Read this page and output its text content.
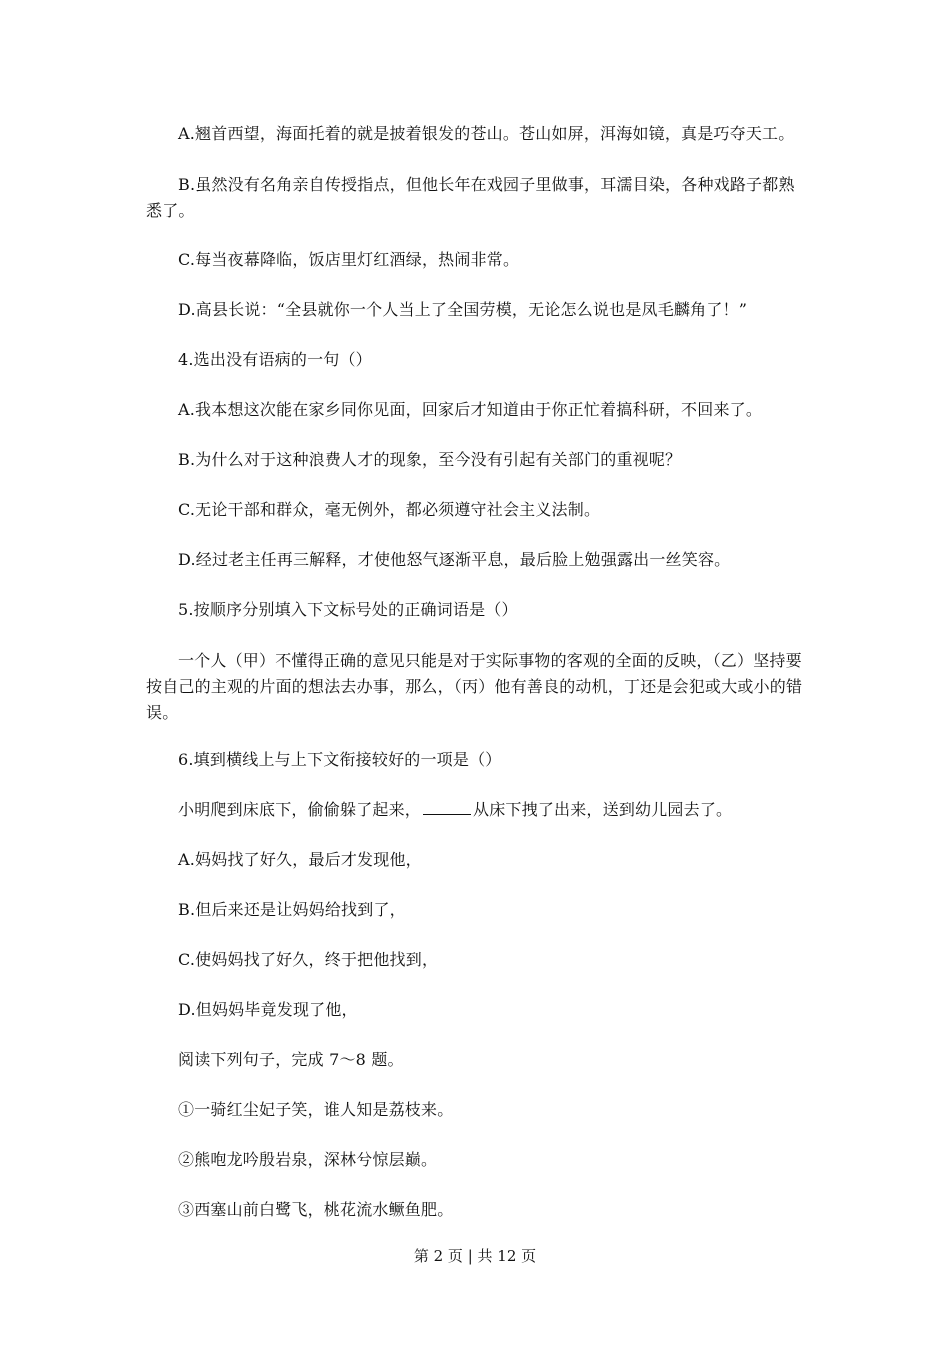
A.翘首西望，海面托着的就是披着银发的苍山。苍山如屏，洱海如镜，真是巧夺天工。
B.虽然没有名角亲自传授指点，但他长年在戏园子里做事，耳濡目染，各种戏路子都熟悉了。
C.每当夜幕降临，饭店里灯红酒绿，热闹非常。
D.高县长说：“全县就你一个人当上了全国劳模，无论怎么说也是凤毛麟角了！”
4.选出没有语病的一句（）
A.我本想这次能在家乡同你见面，回家后才知道由于你正忙着搞科研，不回来了。
B.为什么对于这种浪费人才的现象，至今没有引起有关部门的重视呢？
C.无论干部和群众，毫无例外，都必须遵守社会主义法制。
D.经过老主任再三解释，才使他怒气逐渐平息，最后脸上勉强露出一丝笑容。
5.按顺序分别填入下文标号处的正确词语是（）
一个人（甲）不懂得正确的意见只能是对于实际事物的客观的全面的反映，（乙）坚持要按自己的主观的片面的想法去办事，那么，（丙）他有善良的动机，丁还是会犯或大或小的错误。
6.填到横线上与上下文衔接较好的一项是（）
小明爬到床底下，偷偷躲了起来，	从床下拽了出来，送到幼儿园去了。
A.妈妈找了好久，最后才发现他，
B.但后来还是让妈妈给找到了，
C.使妈妈找了好久，终于把他找到，
D.但妈妈毕竟发现了他，
阅读下列句子，完成 7～8 题。
①一骑红尘妃子笑，谁人知是荔枝来。
②熊咆龙吟殷岩泉，深林兮惊层巅。
③西塞山前白鹭飞，桃花流水鳜鱼肥。
第 2 页 | 共 12 页
